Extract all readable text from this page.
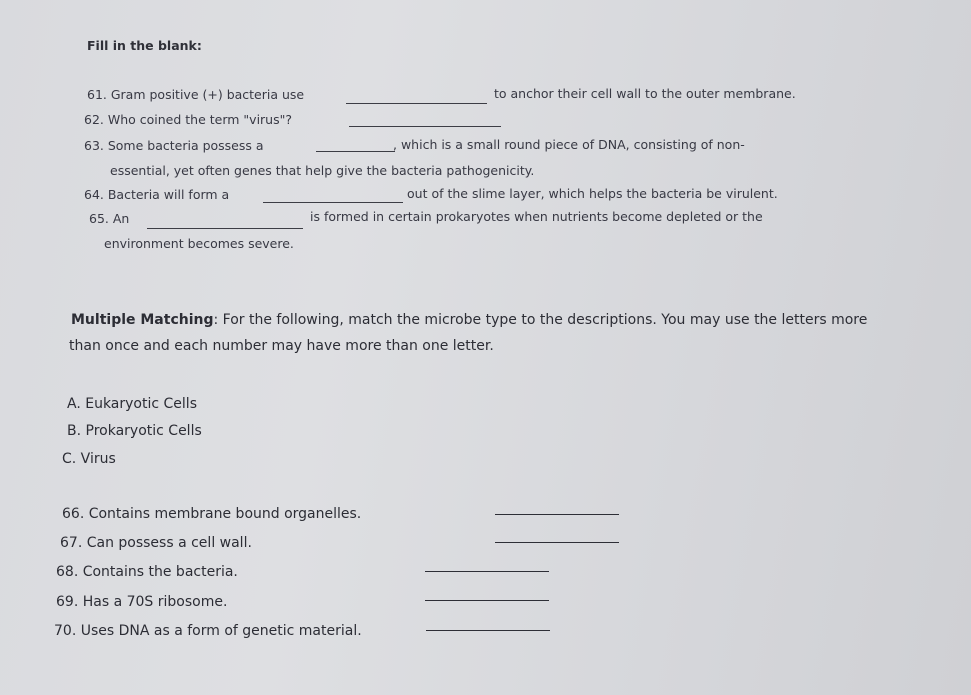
Fill in the blank:
61. Gram positive (+) bacteria use	to anchor their cell wall to the outer membrane.
62. Who coined the term "virus"?
63. Some bacteria possess a	, which is a small round piece of DNA, consisting of non-
essential, yet often genes that help give the bacteria pathogenicity.
64. Bacteria will form a	out of the slime layer, which helps the bacteria be virulent.
65. An	is formed in certain prokaryotes when nutrients become depleted or the
environment becomes severe.
Multiple Matching: For the following, match the microbe type to the descriptions. You may use the letters more
than once and each number may have more than one letter.
A. Eukaryotic Cells
B. Prokaryotic Cells
C. Virus
66. Contains membrane bound organelles.
67. Can possess a cell wall.
68. Contains the bacteria.
69. Has a 70S ribosome.
70. Uses DNA as a form of genetic material.
